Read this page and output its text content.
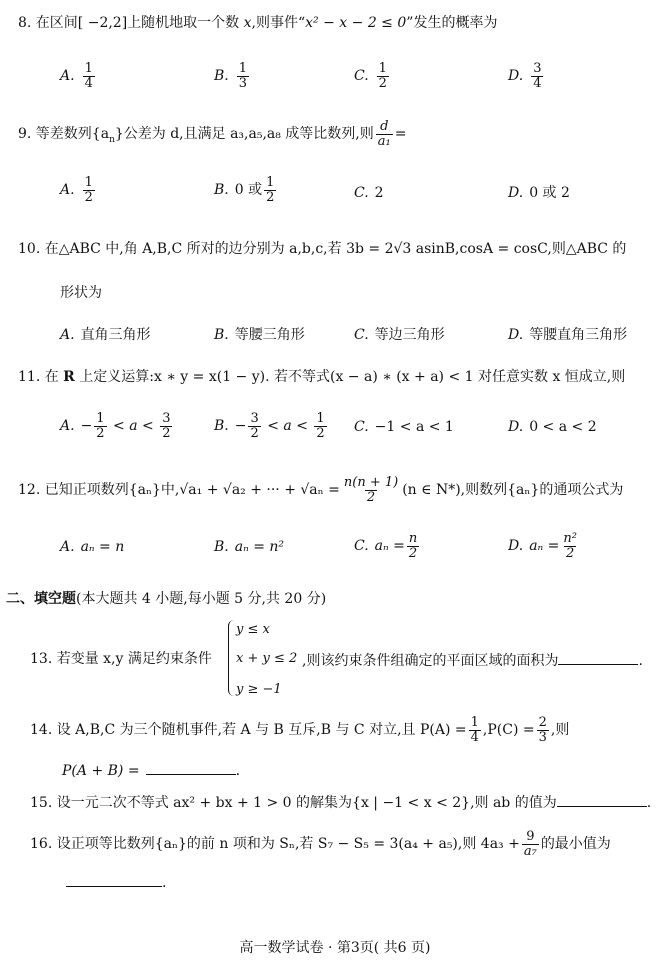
8. 在区间[ −2,2]上随机地取一个数 x,则事件“x² − x − 2 ≤ 0”发生的概率为
A. $\frac{1}{4}$	B. $\frac{1}{3}$	C. $\frac{1}{2}$	D. $\frac{3}{4}$
9. 等差数列$\{a_n\}$公差为 d,且满足 a₃,a₅,a₈ 成等比数列,则 $\frac{d}{\text{a₁}}$ =
A. $\frac{1}{2}$	B. 0 或 $\frac{1}{2}$	C. 2	D. 0 或 2
10. 在△ABC 中,角 A,B,C 所对的边分别为 a,b,c,若 3b = 2√3 asinB,cosA = cosC,则△ABC 的
形状为
A. 直角三角形	B. 等腰三角形	C. 等边三角形	D. 等腰直角三角形
11. 在 R 上定义运算:x ∗ y = x(1 − y). 若不等式(x − a) ∗ (x + a) < 1 对任意实数 x 恒成立,则
A. − $\frac{1}{2} < a < \frac{3}{2}$	B. − $\frac{3}{2} < a < \frac{1}{2} C$. −1 < a < 1	D. 0 < a < 2
12. 已知正项数列{aₙ}中,√a₁ + √a₂ + ··· + $√a_n = \frac{n(n + 1)}{2} (n$ ∈ N*),则数列{aₙ}的通项公式为
A. aₙ = n	B. aₙ = n²	C. $a_n = \frac{n}{2}$	D. $a_n = \frac{\text{n²}}{2}$
二、填空题(本大题共 4 小题,每小题 5 分,共 20 分)
13. 若变量 x,y 满足约束条件
y ≤ x
x + y ≤ 2
y ≥ −1
,则该约束条件组确定的平面区域的面积为	.
14. 设 A,B,C 为三个随机事件,若 A 与 B 互斥,B 与 C 对立,且 $P(A) = \frac{1}{4} ,P(C) = \frac{2}{3}$ ,则
P(A + B) =	.
15. 设一元二次不等式 ax² + bx + 1 > 0 的解集为{x | −1 < x < 2},则 ab 的值为	.
16. 设正项等比数列{aₙ}的前 n 项和为 Sₙ,若 S₇ − S₅ = 3(a₄ + a₅),则 $4a_3 + \frac{9}{\text{a₇}}$ 的最小值为
.
高一数学试卷 · 第3页( 共6 页)
